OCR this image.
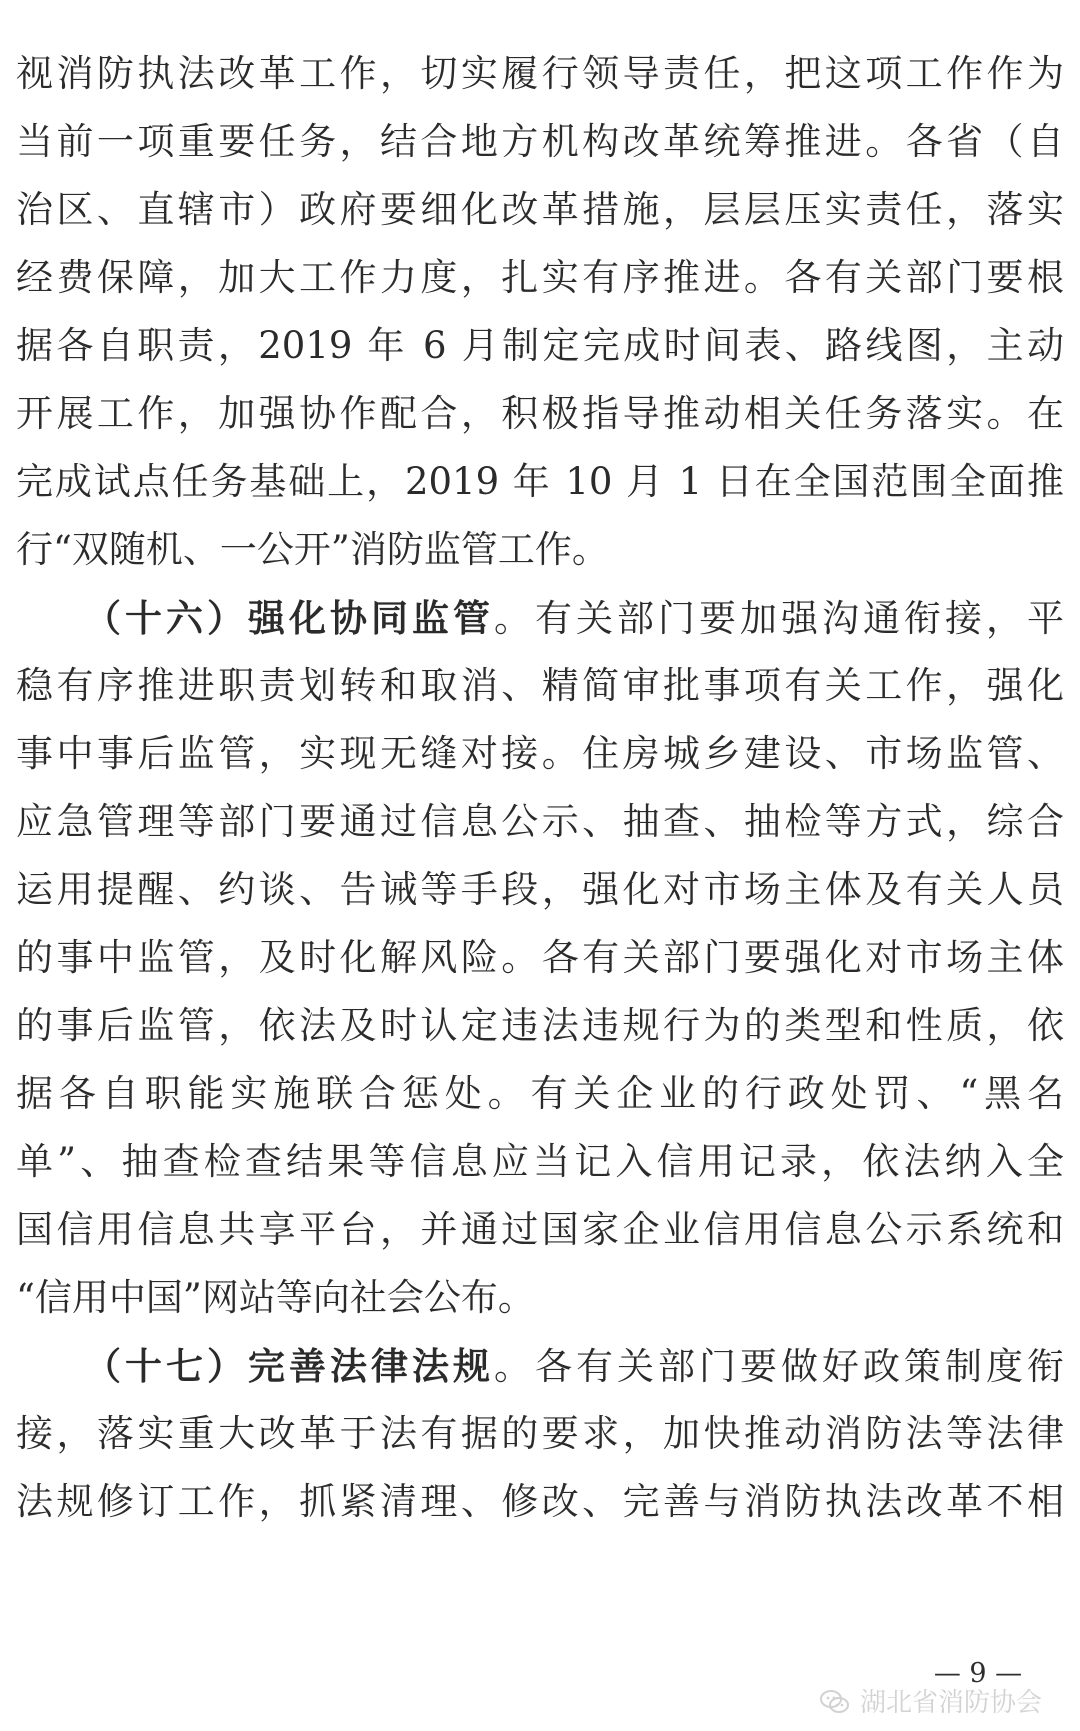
视消防执法改革工作，切实履行领导责任，把这项工作作为
当前一项重要任务，结合地方机构改革统筹推进。各省（自
治区、直辖市）政府要细化改革措施，层层压实责任，落实
经费保障，加大工作力度，扎实有序推进。各有关部门要根
据各自职责，2019 年 6 月制定完成时间表、路线图，主动
开展工作，加强协作配合，积极指导推动相关任务落实。在
完成试点任务基础上，2019 年 10 月 1 日在全国范围全面推
行“双随机、一公开”消防监管工作。
（十六）强化协同监管。有关部门要加强沟通衔接，平
稳有序推进职责划转和取消、精简审批事项有关工作，强化
事中事后监管，实现无缝对接。住房城乡建设、市场监管、
应急管理等部门要通过信息公示、抽查、抽检等方式，综合
运用提醒、约谈、告诫等手段，强化对市场主体及有关人员
的事中监管，及时化解风险。各有关部门要强化对市场主体
的事后监管，依法及时认定违法违规行为的类型和性质，依
据各自职能实施联合惩处。有关企业的行政处罚、“黑名
单”、抽查检查结果等信息应当记入信用记录，依法纳入全
国信用信息共享平台，并通过国家企业信用信息公示系统和
“信用中国”网站等向社会公布。
（十七）完善法律法规。各有关部门要做好政策制度衔
接，落实重大改革于法有据的要求，加快推动消防法等法律
法规修订工作，抓紧清理、修改、完善与消防执法改革不相
— 9 —
湖北省消防协会
